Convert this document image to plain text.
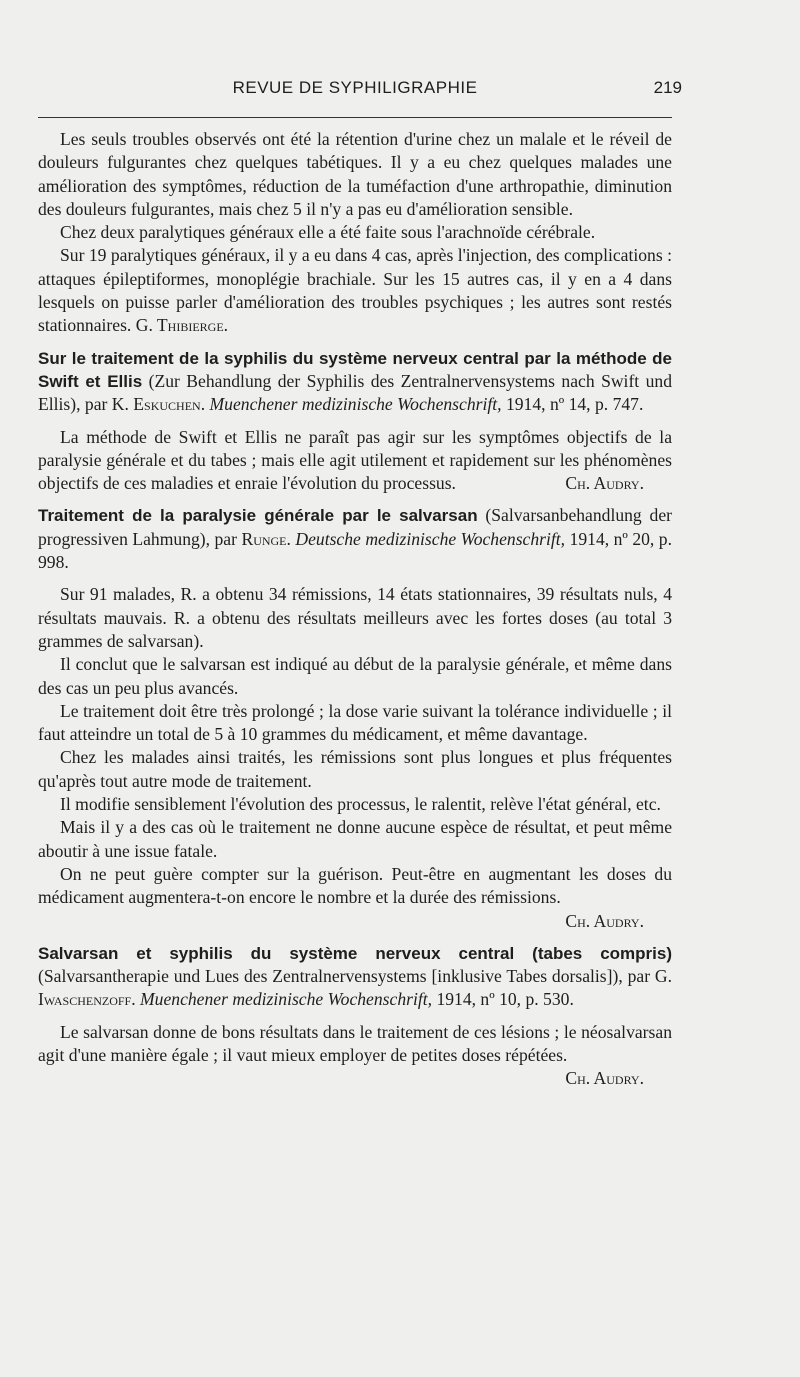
REVUE DE SYPHILIGRAPHIE	219

Les seuls troubles observés ont été la rétention d'urine chez un malale et le réveil de douleurs fulgurantes chez quelques tabétiques. Il y a eu chez quelques malades une amélioration des symptômes, réduction de la tuméfaction d'une arthropathie, diminution des douleurs fulgurantes, mais chez 5 il n'y a pas eu d'amélioration sensible.

Chez deux paralytiques généraux elle a été faite sous l'arachnoïde cérébrale.

Sur 19 paralytiques généraux, il y a eu dans 4 cas, après l'injection, des complications : attaques épileptiformes, monoplégie brachiale. Sur les 15 autres cas, il y en a 4 dans lesquels on puisse parler d'amélioration des troubles psychiques ; les autres sont restés stationnaires. G. Thibierge.

Sur le traitement de la syphilis du système nerveux central par la méthode de Swift et Ellis (Zur Behandlung der Syphilis des Zentralnervensystems nach Swift und Ellis), par K. Eskuchen. Muenchener medizinische Wochenschrift, 1914, nº 14, p. 747.

La méthode de Swift et Ellis ne paraît pas agir sur les symptômes objectifs de la paralysie générale et du tabes ; mais elle agit utilement et rapidement sur les phénomènes objectifs de ces maladies et enraie l'évolution du processus.	Ch. Audry.

Traitement de la paralysie générale par le salvarsan (Salvarsanbehandlung der progressiven Lahmung), par Runge. Deutsche medizinische Wochenschrift, 1914, nº 20, p. 998.

Sur 91 malades, R. a obtenu 34 rémissions, 14 états stationnaires, 39 résultats nuls, 4 résultats mauvais. R. a obtenu des résultats meilleurs avec les fortes doses (au total 3 grammes de salvarsan).

Il conclut que le salvarsan est indiqué au début de la paralysie générale, et même dans des cas un peu plus avancés.

Le traitement doit être très prolongé ; la dose varie suivant la tolérance individuelle ; il faut atteindre un total de 5 à 10 grammes du médicament, et même davantage.

Chez les malades ainsi traités, les rémissions sont plus longues et plus fréquentes qu'après tout autre mode de traitement.

Il modifie sensiblement l'évolution des processus, le ralentit, relève l'état général, etc.

Mais il y a des cas où le traitement ne donne aucune espèce de résultat, et peut même aboutir à une issue fatale.

On ne peut guère compter sur la guérison. Peut-être en augmentant les doses du médicament augmentera-t-on encore le nombre et la durée des rémissions.
Ch. Audry.

Salvarsan et syphilis du système nerveux central (tabes compris) (Salvarsantherapie und Lues des Zentralnervensystems [inklusive Tabes dorsalis]), par G. Iwaschenzoff. Muenchener medizinische Wochenschrift, 1914, nº 10, p. 530.

Le salvarsan donne de bons résultats dans le traitement de ces lésions ; le néosalvarsan agit d'une manière égale ; il vaut mieux employer de petites doses répétées.
Ch. Audry.
